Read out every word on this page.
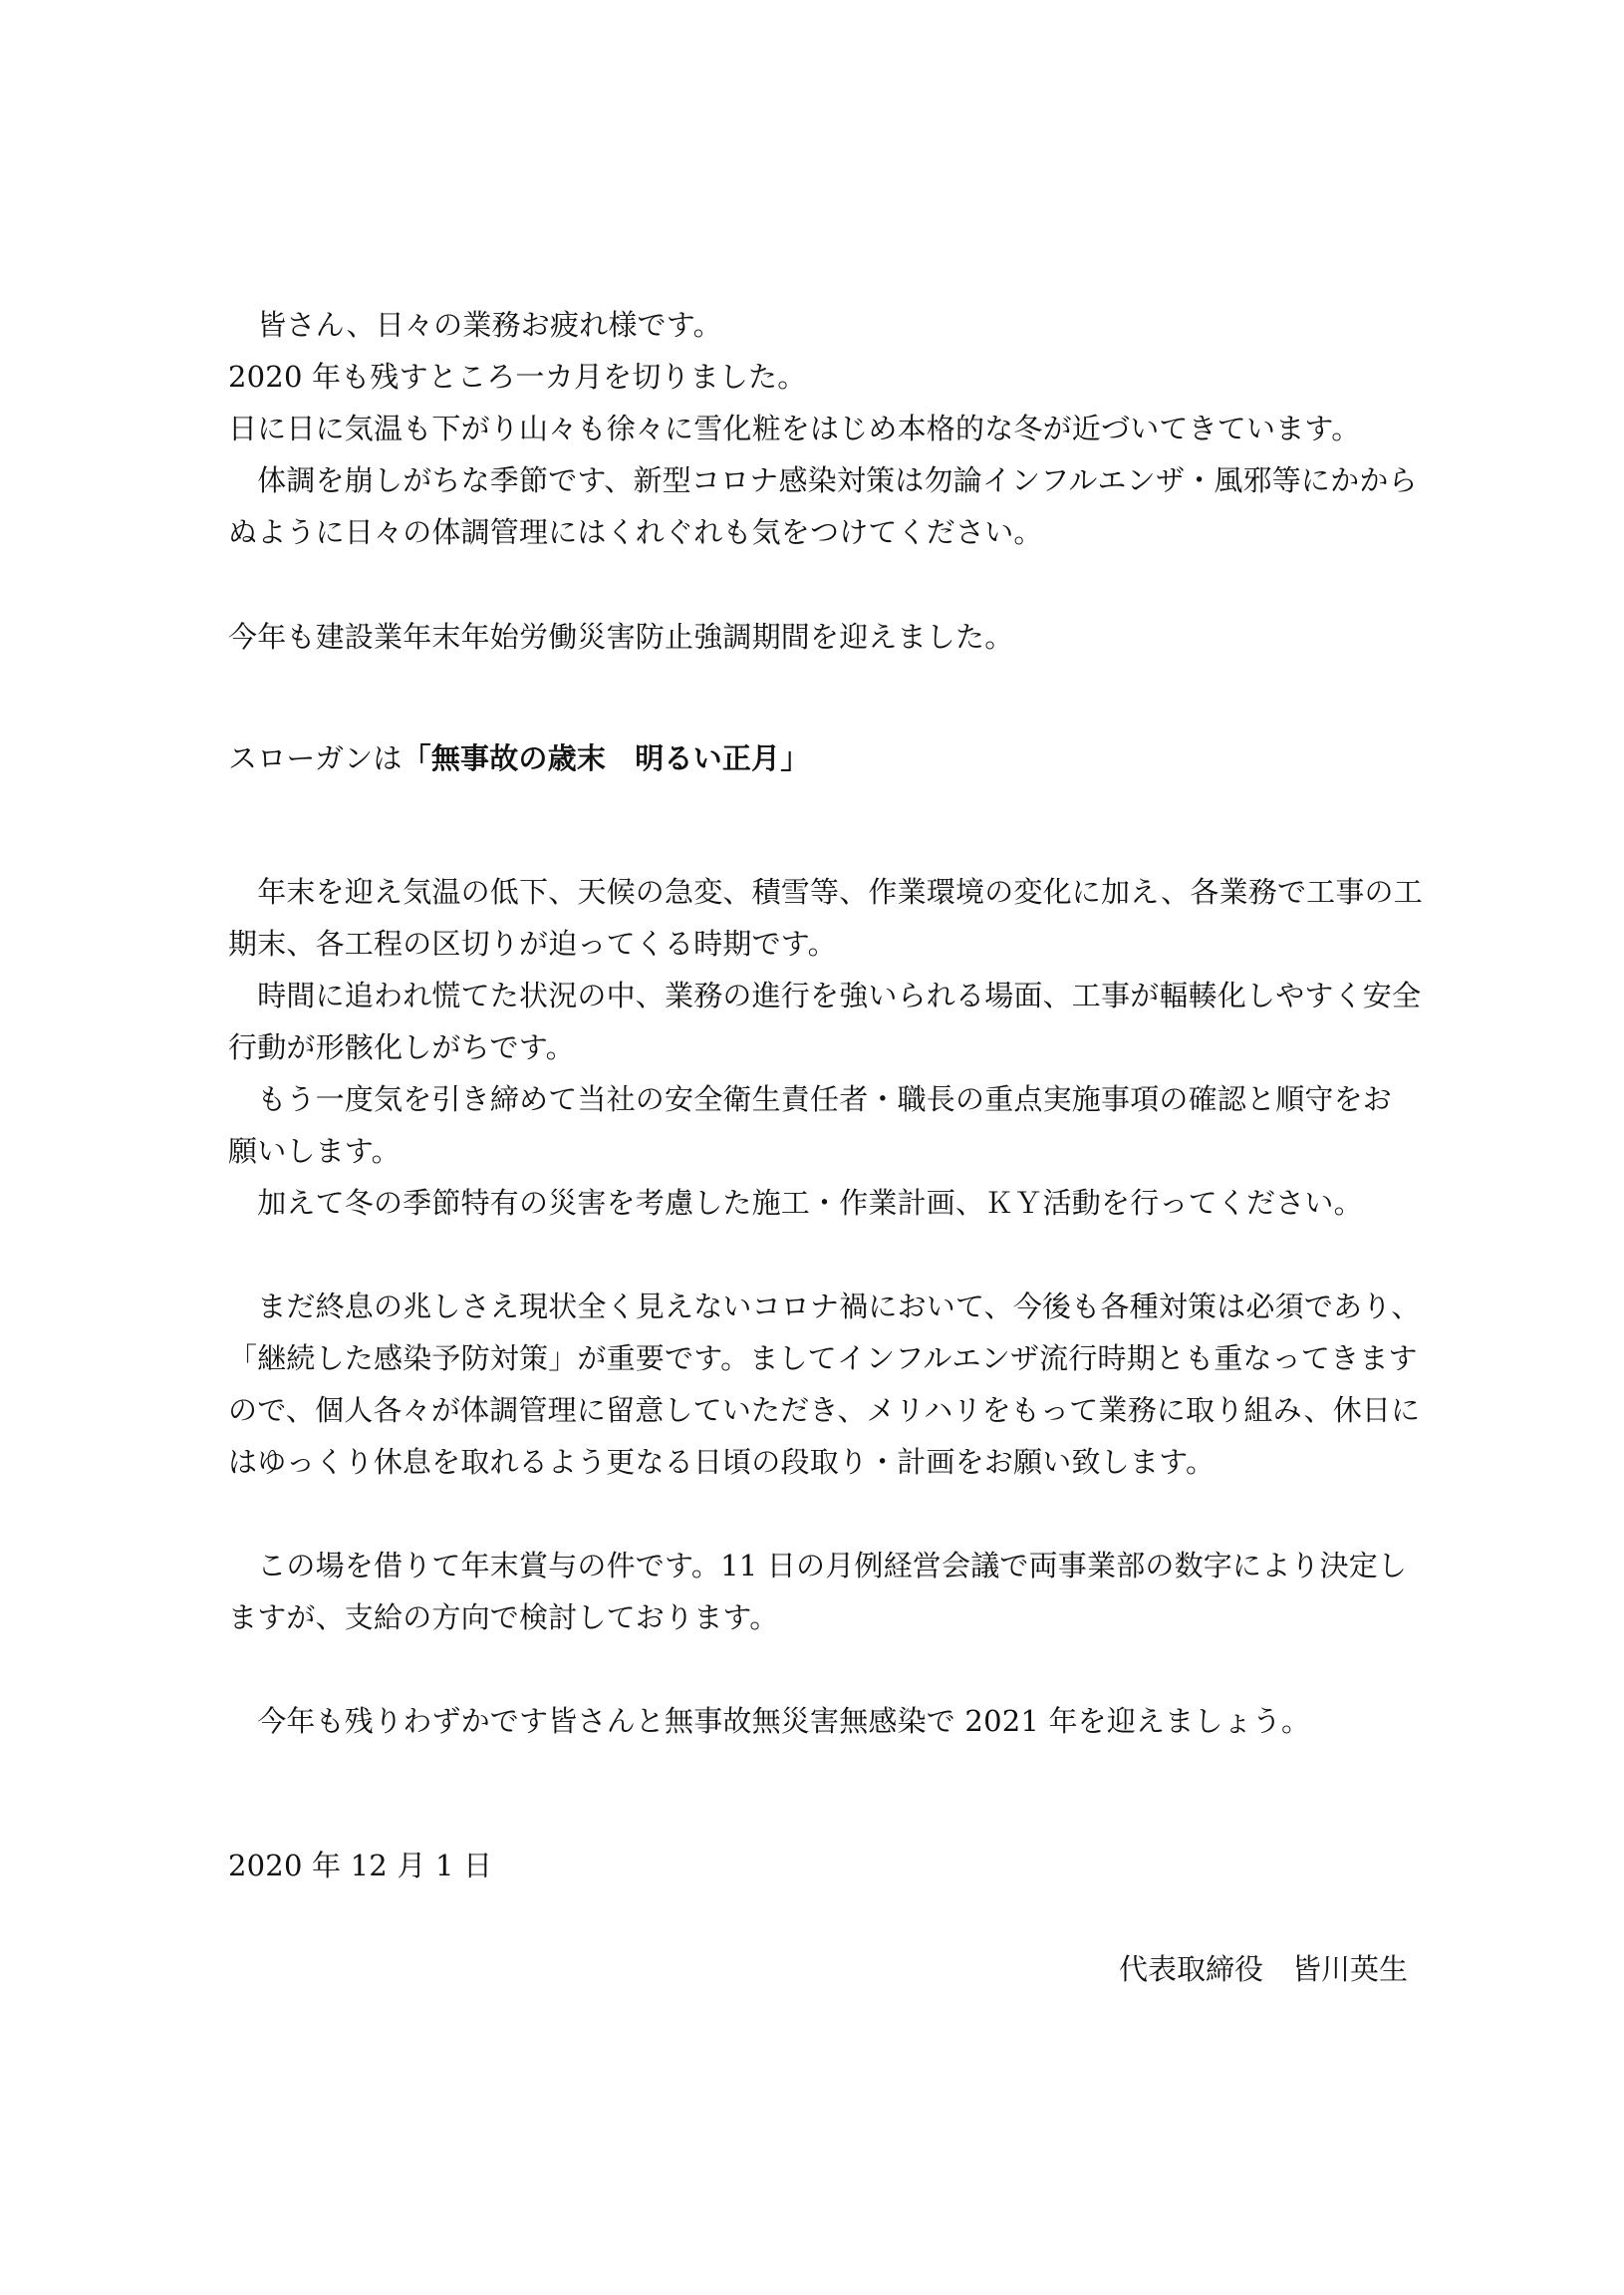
　皆さん、日々の業務お疲れ様です。
2020 年も残すところ一カ月を切りました。
日に日に気温も下がり山々も徐々に雪化粧をはじめ本格的な冬が近づいてきています。
　体調を崩しがちな季節です、新型コロナ感染対策は勿論インフルエンザ・風邪等にかから
ぬように日々の体調管理にはくれぐれも気をつけてください。
今年も建設業年末年始労働災害防止強調期間を迎えました。
スローガンは「無事故の歳末　明るい正月」
　年末を迎え気温の低下、天候の急変、積雪等、作業環境の変化に加え、各業務で工事の工
期末、各工程の区切りが迫ってくる時期です。
　時間に追われ慌てた状況の中、業務の進行を強いられる場面、工事が輻輳化しやすく安全
行動が形骸化しがちです。
　もう一度気を引き締めて当社の安全衛生責任者・職長の重点実施事項の確認と順守をお
願いします。
　加えて冬の季節特有の災害を考慮した施工・作業計画、ＫＹ活動を行ってください。
　まだ終息の兆しさえ現状全く見えないコロナ禍において、今後も各種対策は必須であり、
「継続した感染予防対策」が重要です。ましてインフルエンザ流行時期とも重なってきます
ので、個人各々が体調管理に留意していただき、メリハリをもって業務に取り組み、休日に
はゆっくり休息を取れるよう更なる日頃の段取り・計画をお願い致します。
　この場を借りて年末賞与の件です。11 日の月例経営会議で両事業部の数字により決定し
ますが、支給の方向で検討しております。
　今年も残りわずかです皆さんと無事故無災害無感染で 2021 年を迎えましょう。
2020 年 12 月 1 日
代表取締役　皆川英生
